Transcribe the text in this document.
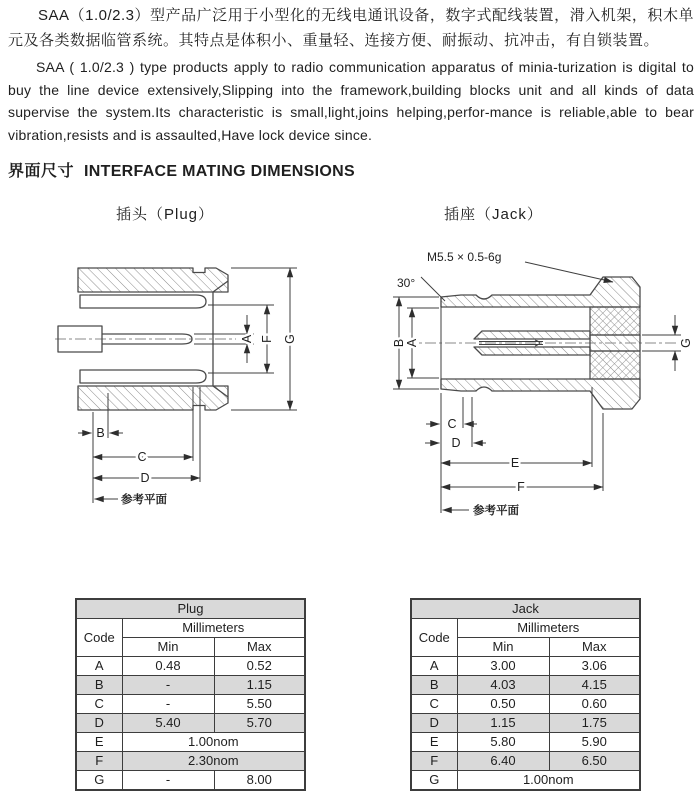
SAA（1.0/2.3）型产品广泛用于小型化的无线电通讯设备，数字式配线装置，滑入机架，积木单元及各类数据临管系统。其特点是体积小、重量轻、连接方便、耐振动、抗冲击，有自锁装置。

SAA ( 1.0/2.3 ) type products apply to radio communication apparatus of minia-turization is digital to buy the line device extensively,Slipping into the framework,building blocks unit and all kinds of data supervise the system.Its characteristic is small,light,joins helping,perfor-mance is reliable,able to bear vibration,resists and is assaulted,Have lock device since.

界面尺寸 INTERFACE MATING DIMENSIONS
插头（Plug）	插座（Jack）
A F G
B
C
D
参考平面
M5.5 × 0.5-6g
30°
B A	G
C
D
E
F
参考平面
Plug		
Code	Millimeters	
	Min	Max
A	0.48	0.52
B	-	1.15
C	-	5.50
D	5.40	5.70
E	1.00nom	
F	2.30nom	
G	-	8.00
Jack		
Code	Millimeters	
	Min	Max
A	3.00	3.06
B	4.03	4.15
C	0.50	0.60
D	1.15	1.75
E	5.80	5.90
F	6.40	6.50
G	1.00nom	
